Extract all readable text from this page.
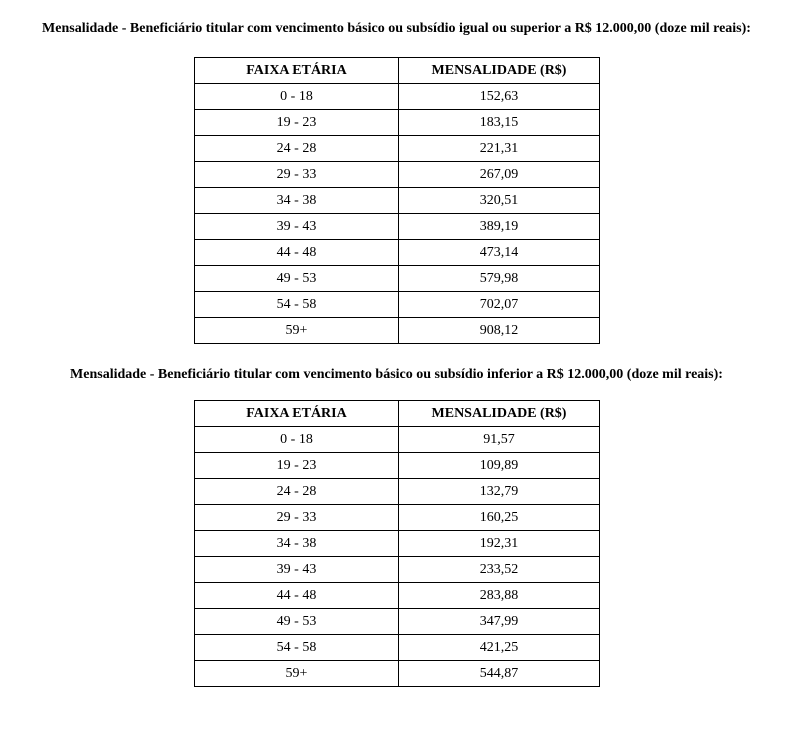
Mensalidade - Beneficiário titular com vencimento básico ou subsídio igual ou superior a R$ 12.000,00 (doze mil reais):
FAIXA ETÁRIA	MENSALIDADE (R$)
0 - 18	152,63
19 - 23	183,15
24 - 28	221,31
29 - 33	267,09
34 - 38	320,51
39 - 43	389,19
44 - 48	473,14
49 - 53	579,98
54 - 58	702,07
59+	908,12
Mensalidade - Beneficiário titular com vencimento básico ou subsídio inferior a R$ 12.000,00 (doze mil reais):
FAIXA ETÁRIA	MENSALIDADE (R$)
0 - 18	91,57
19 - 23	109,89
24 - 28	132,79
29 - 33	160,25
34 - 38	192,31
39 - 43	233,52
44 - 48	283,88
49 - 53	347,99
54 - 58	421,25
59+	544,87
